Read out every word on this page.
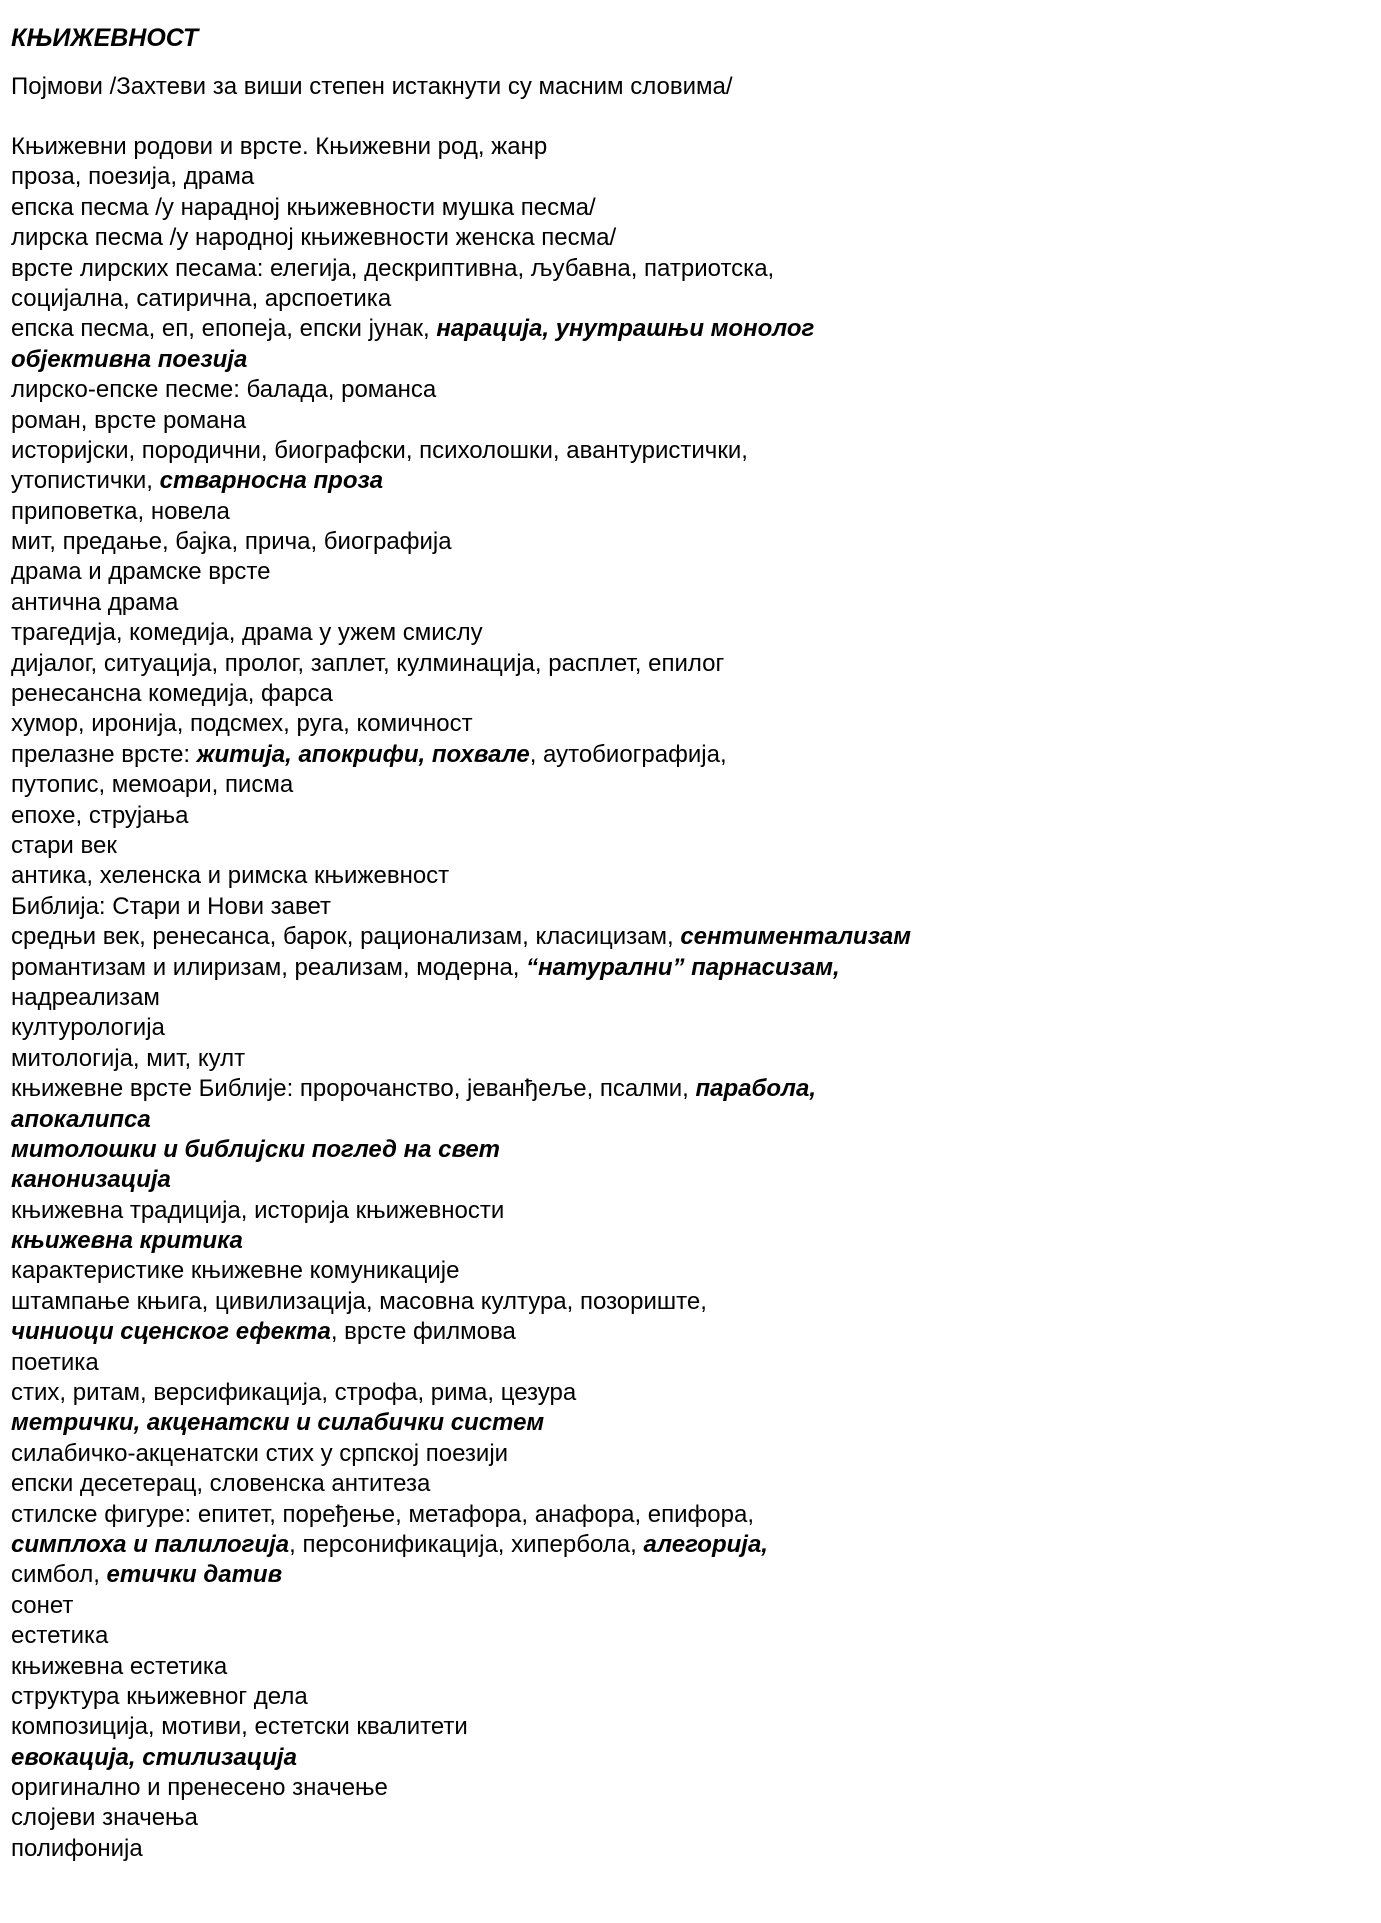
КЊИЖЕВНОСТ
Појмови /Захтеви за виши степен истакнути су масним словима/
Књижевни родови и врсте. Књижевни род, жанр
проза, поезија, драма
епска песма /у нарадној књижевности мушка песма/
лирска песма /у народној књижевности женска песма/
врсте лирских песама: елегија, дескриптивна, љубавна, патриотска,
социјална, сатирична, арспоетика
епска песма, еп, епопеја, епски јунак, нарација, унутрашњи монолог
објективна поезија
лирско-епске песме: балада, романса
роман, врсте романа
историјски, породични, биографски, психолошки, авантуристички,
утопистички, стварносна проза
приповетка, новела
мит, предање, бајка, прича, биографија
драма и драмске врсте
антична драма
трагедија, комедија, драма у ужем смислу
дијалог, ситуација, пролог, заплет, кулминација, расплет, епилог
ренесансна комедија, фарса
хумор, иронија, подсмех, руга, комичност
прелазне врсте: житија, апокрифи, похвале, аутобиографија,
путопис, мемоари, писма
епохе, струјања
стари век
антика, хеленска и римска књижевност
Библија: Стари и Нови завет
средњи век, ренесанса, барок, рационализам, класицизам, сентиментализам
романтизам и илиризам, реализам, модерна, “натурални” парнасизам,
надреализам
културологија
митологија, мит, култ
књижевне врсте Библије: пророчанство, јеванђеље, псалми, парабола,
апокалипса
митолошки и библијски поглед на свет
канонизација
књижевна традиција, историја књижевности
књижевна критика
карактеристике књижевне комуникације
штампање књига, цивилизација, масовна култура, позориште,
чиниоци сценског ефекта, врсте филмова
поетика
стих, ритам, версификација, строфа, рима, цезура
метрички, акценатски и силабички систем
силабичко-акценатски стих у српској поезији
епски десетерац, словенска антитеза
стилске фигуре: епитет, поређење, метафора, анафора, епифора,
симплоха и палилогија, персонификација, хипербола, алегорија,
симбол, етички датив
сонет
естетика
књижевна естетика
структура књижевног дела
композиција, мотиви, естетски квалитети
евокација, стилизација
оригинално и пренесено значење
слојеви значења
полифонија
